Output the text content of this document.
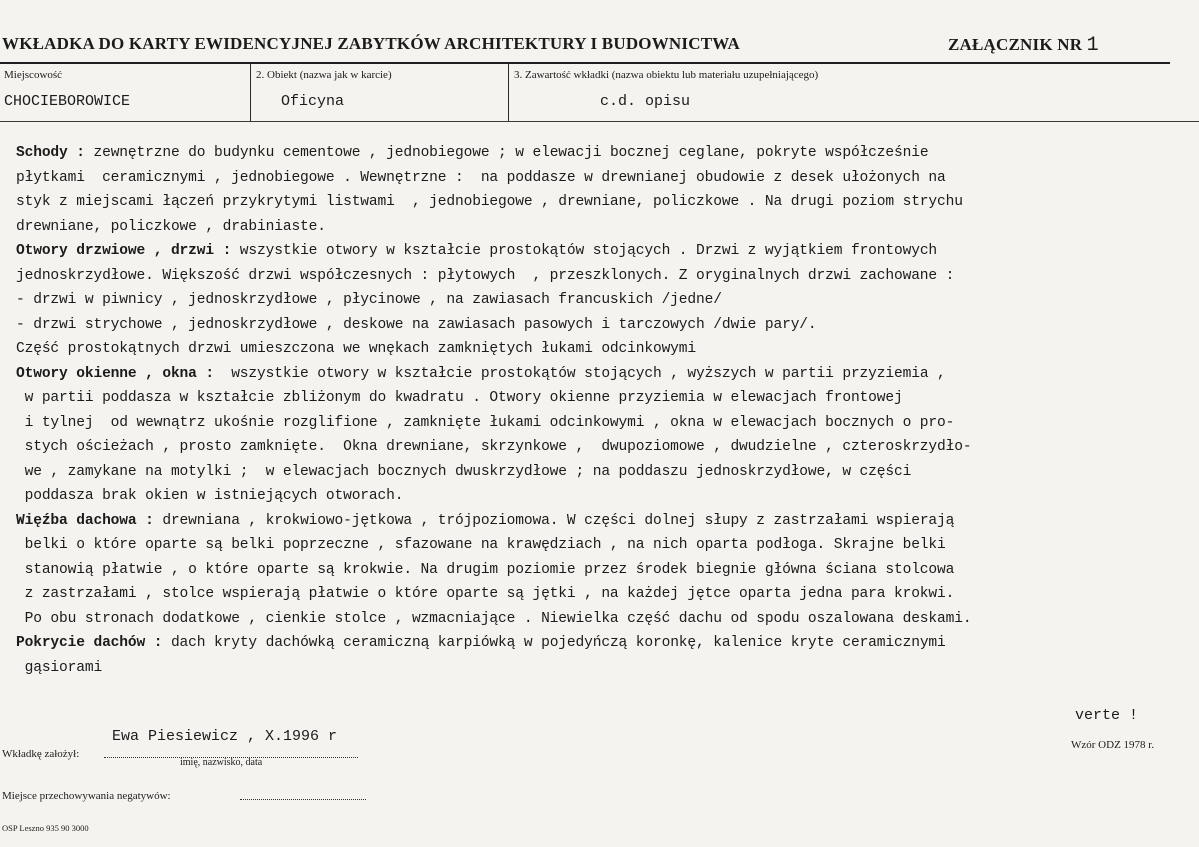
WKŁADKA DO KARTY EWIDENCYJNEJ ZABYTKÓW ARCHITEKTURY I BUDOWNICTWA	ZAŁĄCZNIK NR 1
Miejscowość
CHOCIEBOROWICE
2. Obiekt (nazwa jak w karcie)
Oficyna
3. Zawartość wkładki (nazwa obiektu lub materiału uzupełniającego)
c.d. opisu
Schody : zewnętrzne do budynku cementowe , jednobiegowe ; w elewacji bocznej ceglane, pokryte współcześnie
płytkami  ceramicznymi , jednobiegowe . Wewnętrzne :  na poddasze w drewnianej obudowie z desek ułożonych na
styk z miejscami łączeń przykrytymi listwami  , jednobiegowe , drewniane, policzkowe . Na drugi poziom strychu
drewniane, policzkowe , drabiniaste.
Otwory drzwiowe , drzwi : wszystkie otwory w kształcie prostokątów stojących . Drzwi z wyjątkiem frontowych
jednoskrzydłowe. Większość drzwi współczesnych : płytowych  , przeszklonych. Z oryginalnych drzwi zachowane :
- drzwi w piwnicy , jednoskrzydłowe , płycinowe , na zawiasach francuskich /jedne/
- drzwi strychowe , jednoskrzydłowe , deskowe na zawiasach pasowych i tarczowych /dwie pary/.
Część prostokątnych drzwi umieszczona we wnękach zamkniętych łukami odcinkowymi
Otwory okienne , okna :  wszystkie otwory w kształcie prostokątów stojących , wyższych w partii przyziemia ,
w partii poddasza w kształcie zbliżonym do kwadratu . Otwory okienne przyziemia w elewacjach frontowej
i tylnej  od wewnątrz ukośnie rozglifione , zamknięte łukami odcinkowymi , okna w elewacjach bocznych o pro-
stych ościeżach , prosto zamknięte.  Okna drewniane, skrzynkowe ,  dwupoziomowe , dwudzielne , czteroskrzydło-
we , zamykane na motylki ;  w elewacjach bocznych dwuskrzydłowe ; na poddaszu jednoskrzydłowe, w części
poddasza brak okien w istniejących otworach.
Więźba dachowa : drewniana , krokwiowo-jętkowa , trójpoziomowa. W części dolnej słupy z zastrzałami wspierają
belki o które oparte są belki poprzeczne , sfazowane na krawędziach , na nich oparta podłoga. Skrajne belki
stanowią płatwie , o które oparte są krokwie. Na drugim poziomie przez środek biegnie główna ściana stolcowa
z zastrzałami , stolce wspierają płatwie o które oparte są jętki , na każdej jętce oparta jedna para krokwi.
Po obu stronach dodatkowe , cienkie stolce , wzmacniające . Niewielka część dachu od spodu oszalowana deskami.
Pokrycie dachów : dach kryty dachówką ceramiczną karpiówką w pojedyńczą koronkę, kalenice kryte ceramicznymi
gąsiorami
verte !
Wzór ODZ 1978 r.
Wkładkę założył:
Ewa Piesiewicz , X.1996 r
imię, nazwisko, data
Miejsce przechowywania negatywów:
OSP Leszno 935 90 3000
